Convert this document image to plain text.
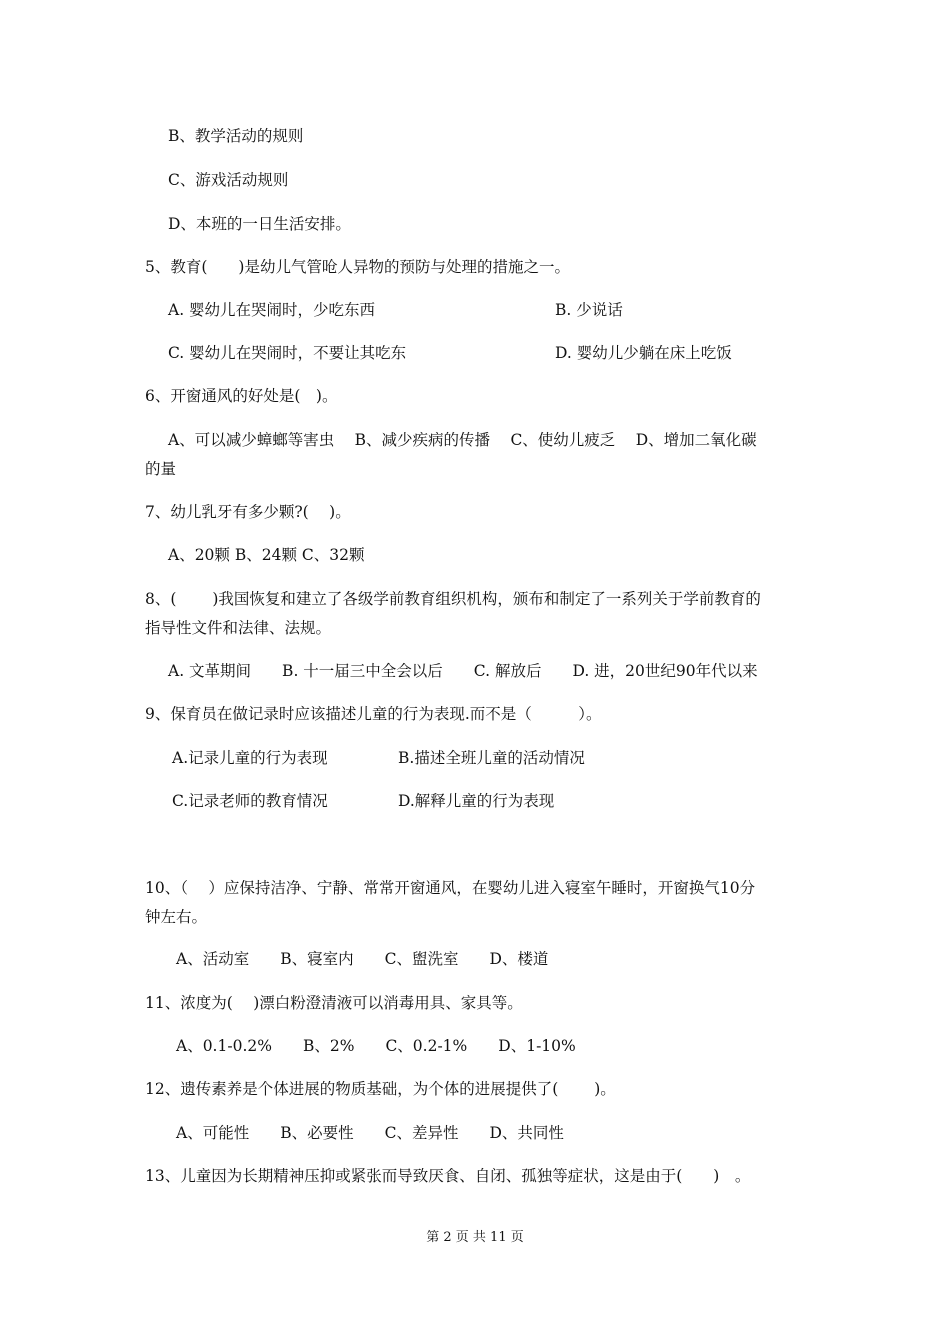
B、教学活动的规则

C、游戏活动规则

D、本班的一日生活安排。

5、教育(　　)是幼儿气管呛人异物的预防与处理的措施之一。

A. 婴幼儿在哭闹时，少吃东西	B. 少说话

C. 婴幼儿在哭闹时，不要让其吃东	D. 婴幼儿少躺在床上吃饭

6、开窗通风的好处是(　)。

A、可以减少蟑螂等害虫　 B、减少疾病的传播　 C、使幼儿疲乏　 D、增加二氧化碳

的量

7、幼儿乳牙有多少颗?(　 )。

A、20颗 B、24颗 C、32颗

8、(　 　)我国恢复和建立了各级学前教育组织机构，颁布和制定了一系列关于学前教育的

指导性文件和法律、法规。

A. 文革期间　　B. 十一届三中全会以后　　C. 解放后　　D. 进，20世纪90年代以来

9、保育员在做记录时应该描述儿童的行为表现.而不是（　　　）。

A.记录儿童的行为表现	B.描述全班儿童的活动情况

C.记录老师的教育情况	D.解释儿童的行为表现

10、（　 ）应保持洁净、宁静、常常开窗通风，在婴幼儿进入寝室午睡时，开窗换气10分

钟左右。

A、活动室　　B、寝室内　　C、盥洗室　　D、楼道

11、浓度为(　 )漂白粉澄清液可以消毒用具、家具等。

A、0.1-0.2%　　B、2%　　C、0.2-1%　　D、1-10%

12、遗传素养是个体进展的物质基础，为个体的进展提供了(　　 )。

A、可能性　　B、必要性　　C、差异性　　D、共同性

13、儿童因为长期精神压抑或紧张而导致厌食、自闭、孤独等症状，这是由于(　　)　。

第 2 页 共 11 页
